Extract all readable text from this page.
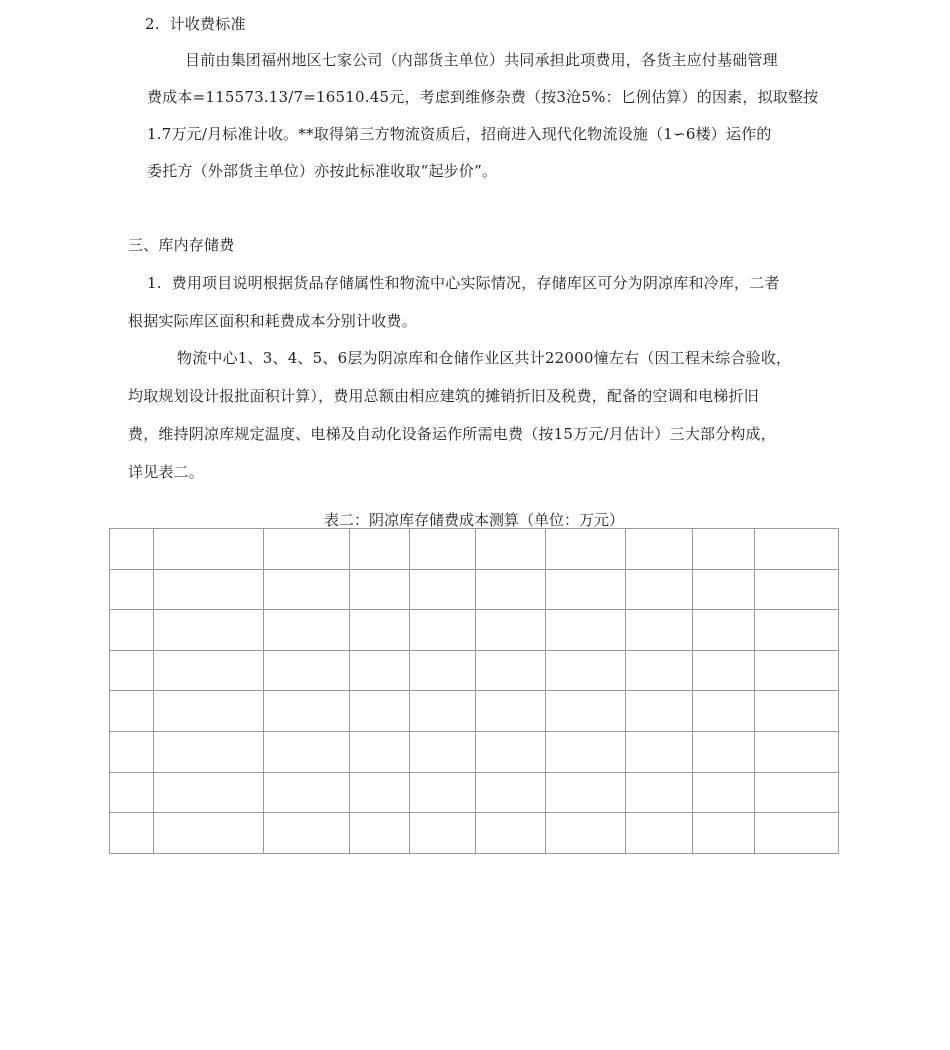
2.  计收费标准
目前由集团福州地区七家公司（内部货主单位）共同承担此项费用，各货主应付基础管理
费成本=115573.13/7=16510.45元，考虑到维修杂费（按3沧5%：匕例估算）的因素，拟取整按
1.7万元/月标准计收。**取得第三方物流资质后，招商进入现代化物流设施（1∽6楼）运作的
委托方（外部货主单位）亦按此标准收取“起步价”。
三、库内存储费
1.  费用项目说明根据货品存储属性和物流中心实际情况，存储库区可分为阴凉库和冷库，二者
根据实际库区面积和耗费成本分别计收费。
物流中心1、3、4、5、6层为阴凉库和仓储作业区共计22000憧左右（因工程未综合验收，
均取规划设计报批面积计算），费用总额由相应建筑的摊销折旧及税费，配备的空调和电梯折旧
费，维持阴凉库规定温度、电梯及自动化设备运作所需电费（按15万元/月估计）三大部分构成，
详见表二。
表二：阴凉库存储费成本测算（单位：万元）
